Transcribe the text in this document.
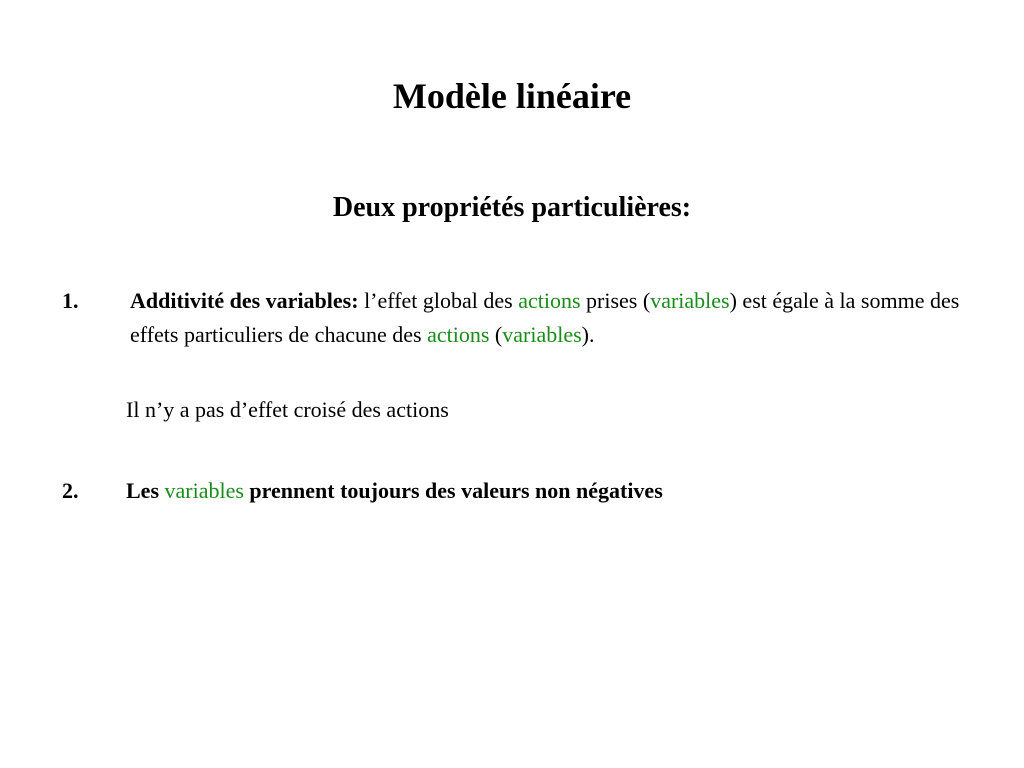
Modèle linéaire
Deux propriétés particulières:
1. Additivité des variables: l’effet global des actions prises (variables) est égale à la somme des effets particuliers de chacune des actions (variables).
Il n’y a pas d’effet croisé des actions
2. Les variables prennent toujours des valeurs non négatives
